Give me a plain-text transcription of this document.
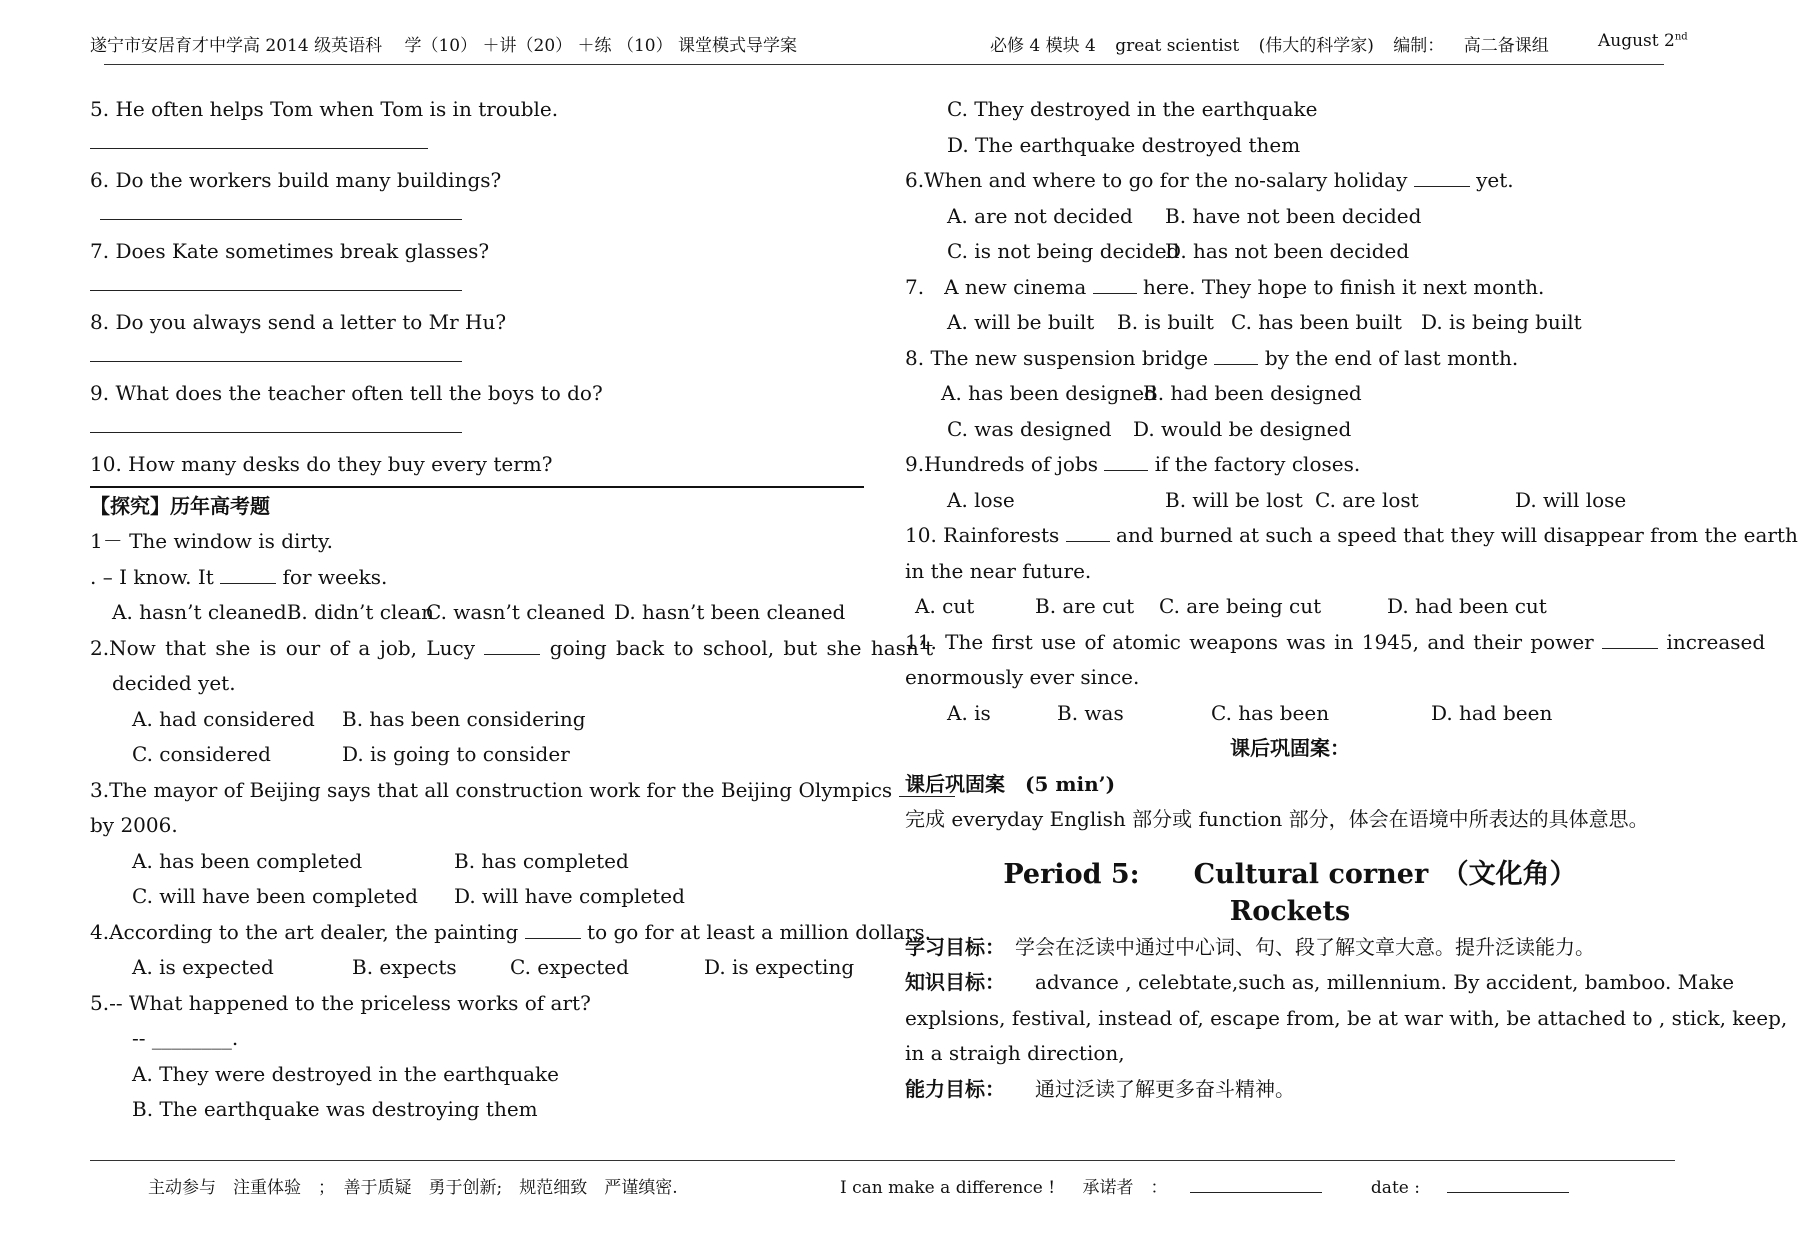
遂宁市安居育才中学高 2014 级英语科　 学（10） ＋讲（20） ＋练 （10） 课堂模式导学案	必修 4 模块 4 great scientist (伟大的科学家) 编制： 高二备课组	August 2nd
5. He often helps Tom when Tom is in trouble.
6. Do the workers build many buildings?
7. Does Kate sometimes break glasses?
8. Do you always send a letter to Mr Hu?
9. What does the teacher often tell the boys to do?
10. How many desks do they buy every term?
【探究】历年高考题
1－ The window is dirty.
. – I know. It	for weeks.
A. hasn’t cleanedB. didn’t cleanC. wasn’t cleaned D. hasn’t been cleaned
2.Now that she is our of a job, Lucy	going back to school, but she hasn’t
decided yet.
A. had considered B. has been considering
C. considered	D. is going to consider
3.The mayor of Beijing says that all construction work for the Beijing Olympics
by 2006.
A. has been completed	B. has completed
C. will have been completed D. will have completed
4.According to the art dealer, the painting	to go for at least a million dollars.
A. is expected	B. expects	C. expected	D. is expecting
5.-- What happened to the priceless works of art?
-- ________.
A. They were destroyed in the earthquake
B. The earthquake was destroying them
C. They destroyed in the earthquake
D. The earthquake destroyed them
6.When and where to go for the no-salary holiday	yet.
A. are not decided B. have not been decided
C. is not being decidedD. has not been decided
7.　A new cinema	here. They hope to finish it next month.
A. will be built B. is built C. has been built D. is being built
8. The new suspension bridge	by the end of last month.
A. has been designedB. had been designed
C. was designed D. would be designed
9.Hundreds of jobs	if the factory closes.
A. lose	B. will be lost C. are lost	D. will lose
10. Rainforests	and burned at such a speed that they will disappear from the earth
in the near future.
A. cut	B. are cut C. are being cut	D. had been cut
11. The first use of atomic weapons was in 1945, and their power	increased
enormously ever since.
A. is	B. was	C. has been	D. had been
课后巩固案：
课后巩固案　(5 min’)
完成 everyday English 部分或 function 部分，体会在语境中所表达的具体意思。
Period 5:　　Cultural corner　（文化角）
Rockets
学习目标：　 学会在泛读中通过中心词、句、段了解文章大意。提升泛读能力。
知识目标：　　 advance , celebtate,such as, millennium. By accident, bamboo. Make
explsions, festival, instead of, escape from, be at war with, be attached to , stick, keep,
in a straigh direction,
能力目标：　　 通过泛读了解更多奋斗精神。
主动参与　注重体验　；　善于质疑　勇于创新;　规范细致　严谨缜密.	I can make a difference ! 承诺者　：	date :
